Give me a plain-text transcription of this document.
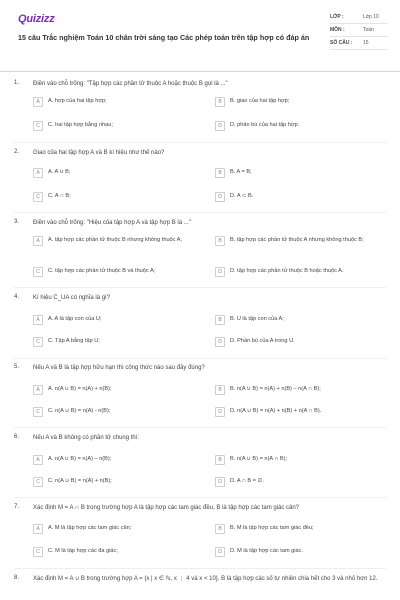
Quizizz
15 câu Trắc nghiệm Toán 10 chân trời sáng tạo Các phép toán trên tập hợp có đáp án
LỚP :	Lớp 10
MÔN :	Toán
SỐ CÂU :	15
1. Điền vào chỗ trống: "Tập hợp các phần tử thuộc A hoặc thuộc B gọi là ..."
A	A. hợp của hai tập hợp;	B	B. giao của hai tập hợp;
C	C. hai tập hợp bằng nhau;	D	D. phần bù của hai tập hợp.
2. Giao của hai tập hợp A và B kí hiệu như thế nào?
A	A. A ∪ B;	B	B. A = B;
C	C. A ∩ B;	D	D. A ⊂ B.
3. Điền vào chỗ trống: "Hiệu của tập hợp A và tập hợp B là ..."
A	A. tập hợp các phần tử thuộc B nhưng không thuộc A;	B	B. tập hợp các phần tử thuộc A nhưng không thuộc B;
C	C. tập hợp các phần tử thuộc B và thuộc A;	D	D. tập hợp các phần tử thuộc B hoặc thuộc A.
4. Kí hiệu C_UA có nghĩa là gì?
A	A. A là tập con của U;	B	B. U là tập con của A;
C	C. Tập A bằng tập U;	D	D. Phần bù của A trong U.
5. Nếu A và B là tập hợp hữu hạn thì công thức nào sau đây đúng?
A	A. n(A ∪ B) = n(A) + n(B);	B	B. n(A ∪ B) = n(A) + n(B) – n(A ∩ B);
C	C. n(A ∪ B) = n(A) - n(B);	D	D. n(A ∪ B) = n(A) + n(B) + n(A ∩ B).
6. Nếu A và B không có phần tử chung thì:
A	A. n(A ∪ B) = n(A) – n(B);	B	B. n(A ∪ B) = n(A ∩ B);
C	C. n(A ∪ B) = n(A) + n(B);	D	D. A ∩ B = ∅.
7. Xác định M = A ∩ B trong trường hợp A là tập hợp các tam giác đều, B là tập hợp các tam giác cân?
A	A. M là tập hợp các tam giác cân;	B	B. M là tập hợp các tam giác đều;
C	C. M là tập hợp các đa giác;	D	D. M là tập hợp các tam giác.
8. Xác định M = A ∪ B trong trường hợp A = {x | x ∈ ℕ, x ⋮ 4 và x < 10}, B là tập hợp các số tự nhiên chia hết cho 3 và nhỏ hơn 12.
